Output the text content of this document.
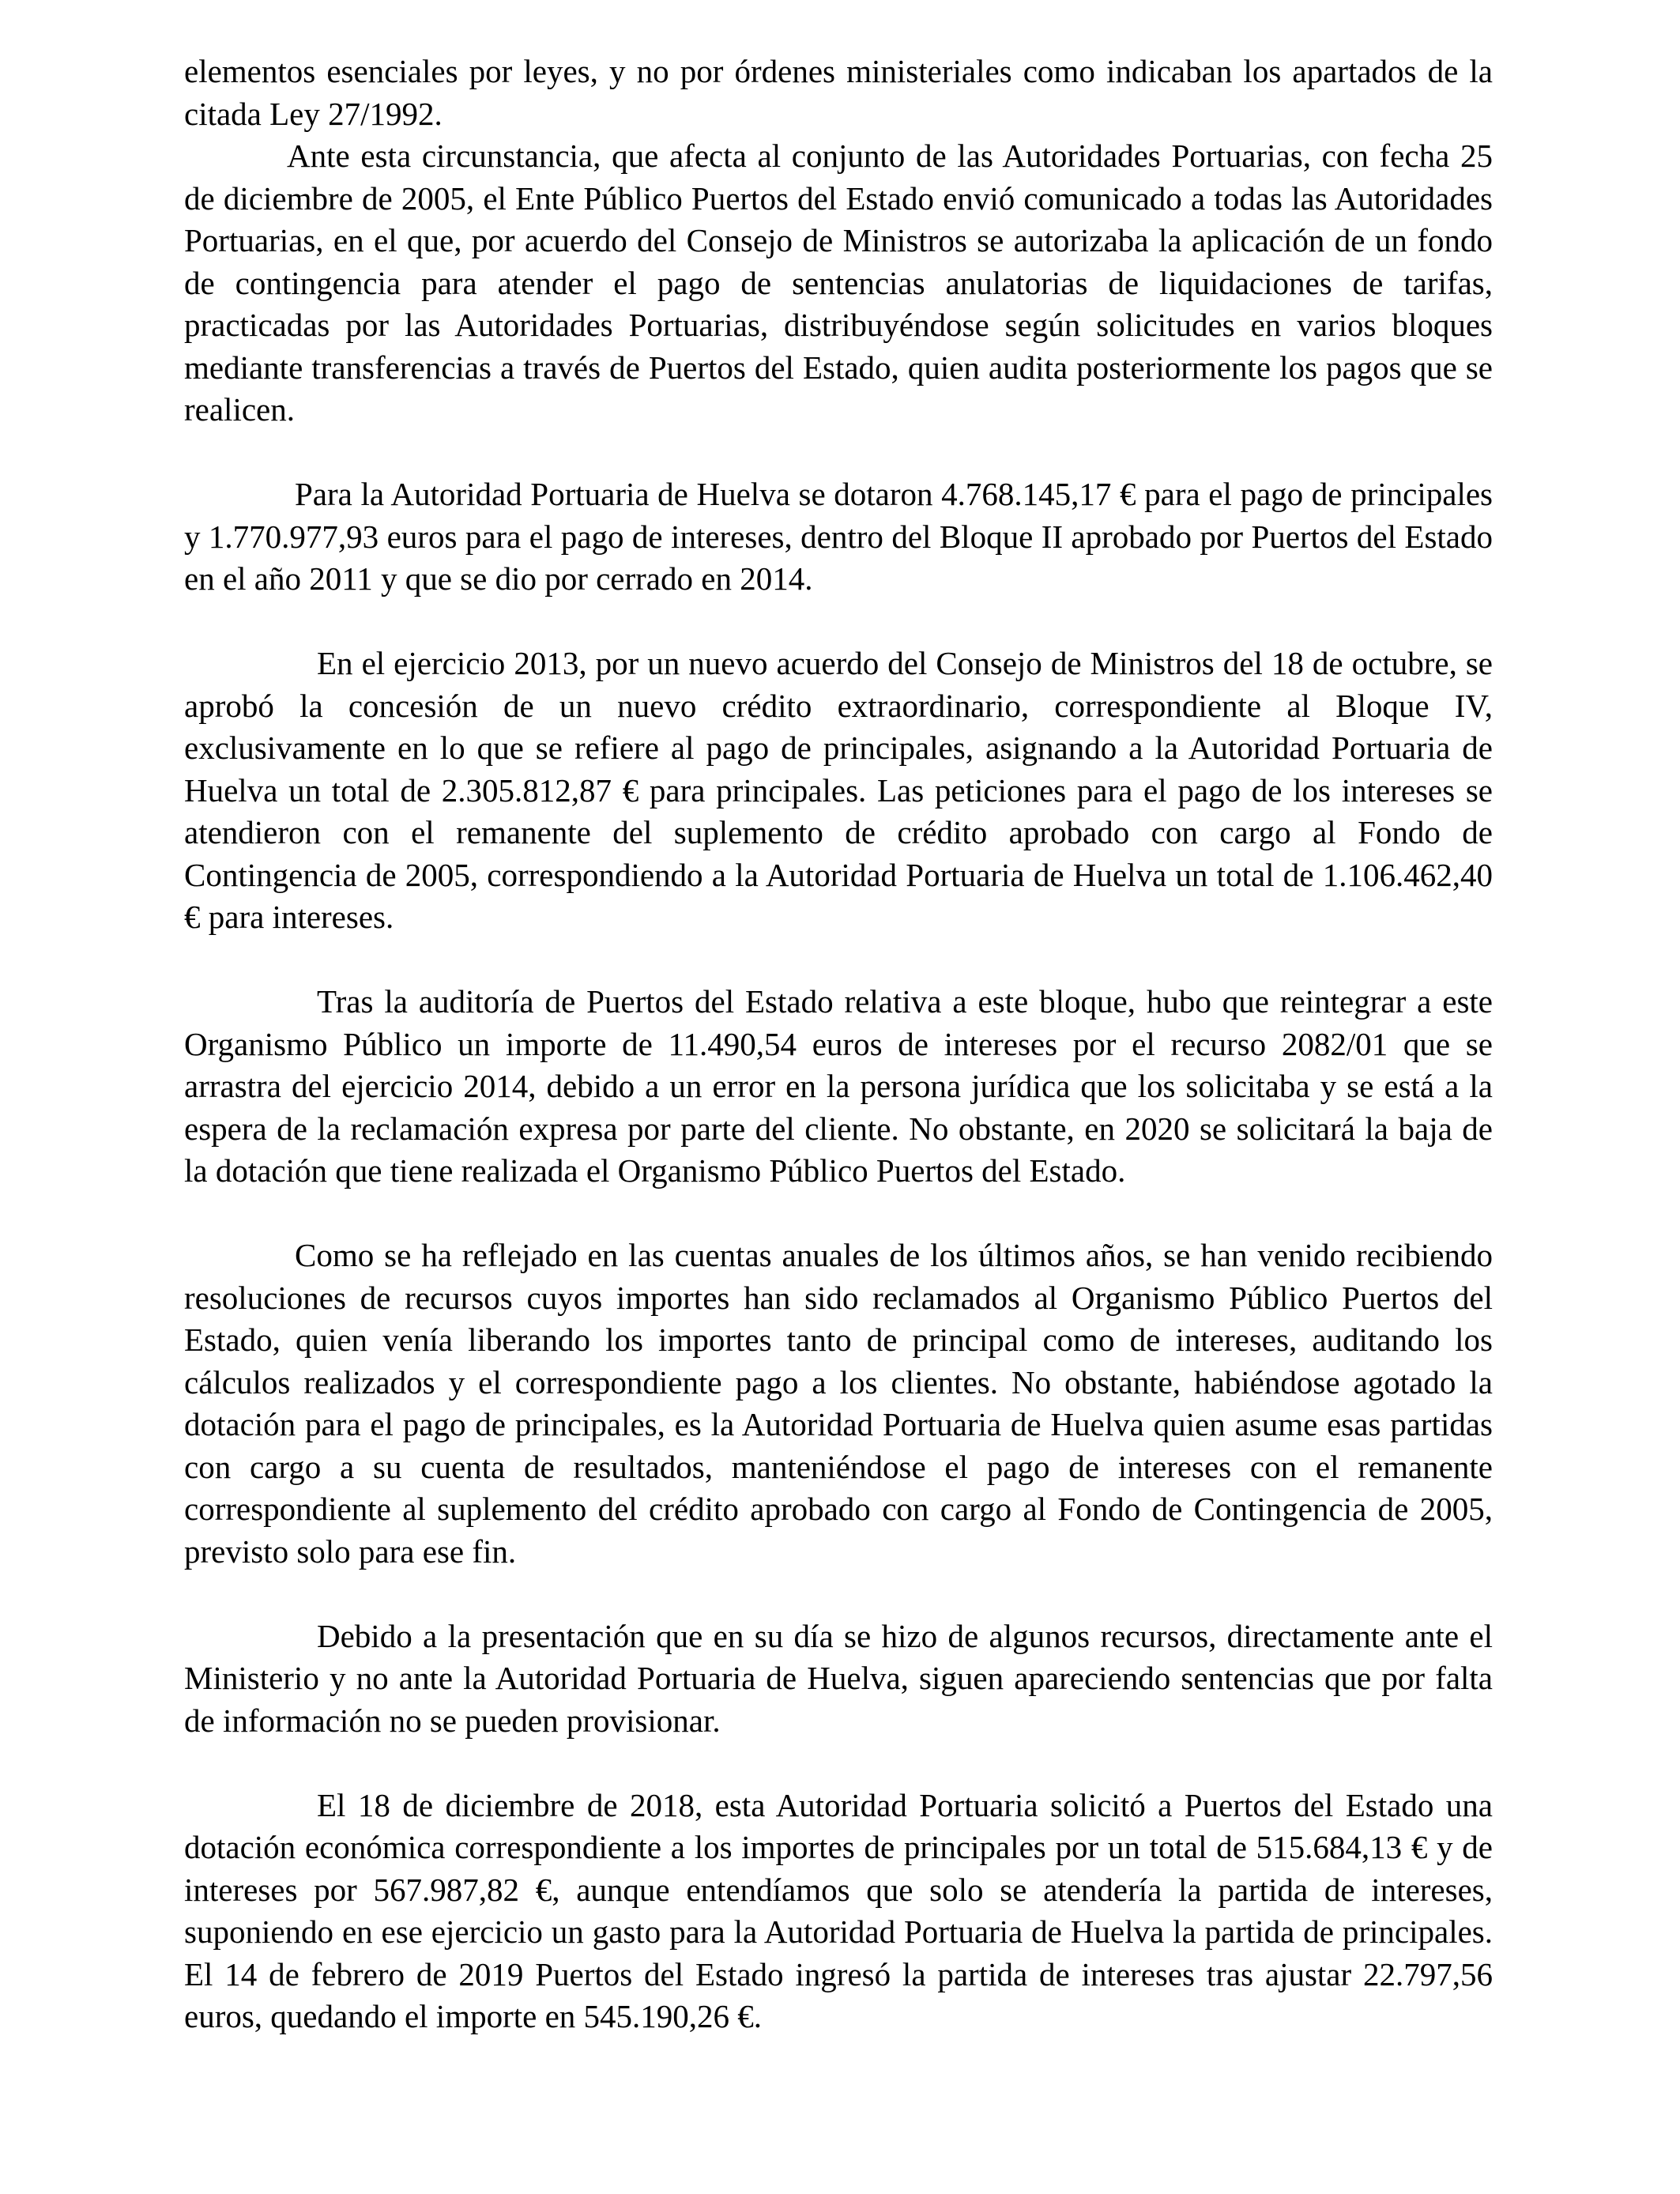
elementos esenciales por leyes, y no por órdenes ministeriales como indicaban los apartados de la citada Ley 27/1992.

Ante esta circunstancia, que afecta al conjunto de las Autoridades Portuarias, con fecha 25 de diciembre de 2005, el Ente Público Puertos del Estado envió comunicado a todas las Autoridades Portuarias, en el que, por acuerdo del Consejo de Ministros se autorizaba la aplicación de un fondo de contingencia para atender el pago de sentencias anulatorias de liquidaciones de tarifas, practicadas por las Autoridades Portuarias, distribuyéndose según solicitudes en varios bloques mediante transferencias a través de Puertos del Estado, quien audita posteriormente los pagos que se realicen.

Para la Autoridad Portuaria de Huelva se dotaron 4.768.145,17 € para el pago de principales y 1.770.977,93 euros para el pago de intereses, dentro del Bloque II aprobado por Puertos del Estado en el año 2011 y que se dio por cerrado en 2014.

En el ejercicio 2013, por un nuevo acuerdo del Consejo de Ministros del 18 de octubre, se aprobó la concesión de un nuevo crédito extraordinario, correspondiente al Bloque IV, exclusivamente en lo que se refiere al pago de principales, asignando a la Autoridad Portuaria de Huelva un total de 2.305.812,87 € para principales. Las peticiones para el pago de los intereses se atendieron con el remanente del suplemento de crédito aprobado con cargo al Fondo de Contingencia de 2005, correspondiendo a la Autoridad Portuaria de Huelva un total de 1.106.462,40 € para intereses.

Tras la auditoría de Puertos del Estado relativa a este bloque, hubo que reintegrar a este Organismo Público un importe de 11.490,54 euros de intereses por el recurso 2082/01 que se arrastra del ejercicio 2014, debido a un error en la persona jurídica que los solicitaba y se está a la espera de la reclamación expresa por parte del cliente. No obstante, en 2020 se solicitará la baja de la dotación que tiene realizada el Organismo Público Puertos del Estado.

Como se ha reflejado en las cuentas anuales de los últimos años, se han venido recibiendo resoluciones de recursos cuyos importes han sido reclamados al Organismo Público Puertos del Estado, quien venía liberando los importes tanto de principal como de intereses, auditando los cálculos realizados y el correspondiente pago a los clientes. No obstante, habiéndose agotado la dotación para el pago de principales, es la Autoridad Portuaria de Huelva quien asume esas partidas con cargo a su cuenta de resultados, manteniéndose el pago de intereses con el remanente correspondiente al suplemento del crédito aprobado con cargo al Fondo de Contingencia de 2005, previsto solo para ese fin.

Debido a la presentación que en su día se hizo de algunos recursos, directamente ante el Ministerio y no ante la Autoridad Portuaria de Huelva, siguen apareciendo sentencias que por falta de información no se pueden provisionar.

El 18 de diciembre de 2018, esta Autoridad Portuaria solicitó a Puertos del Estado una dotación económica correspondiente a los importes de principales por un total de 515.684,13 € y de intereses por 567.987,82 €, aunque entendíamos que solo se atendería la partida de intereses, suponiendo en ese ejercicio un gasto para la Autoridad Portuaria de Huelva la partida de principales. El 14 de febrero de 2019 Puertos del Estado ingresó la partida de intereses tras ajustar 22.797,56 euros, quedando el importe en 545.190,26 €.
